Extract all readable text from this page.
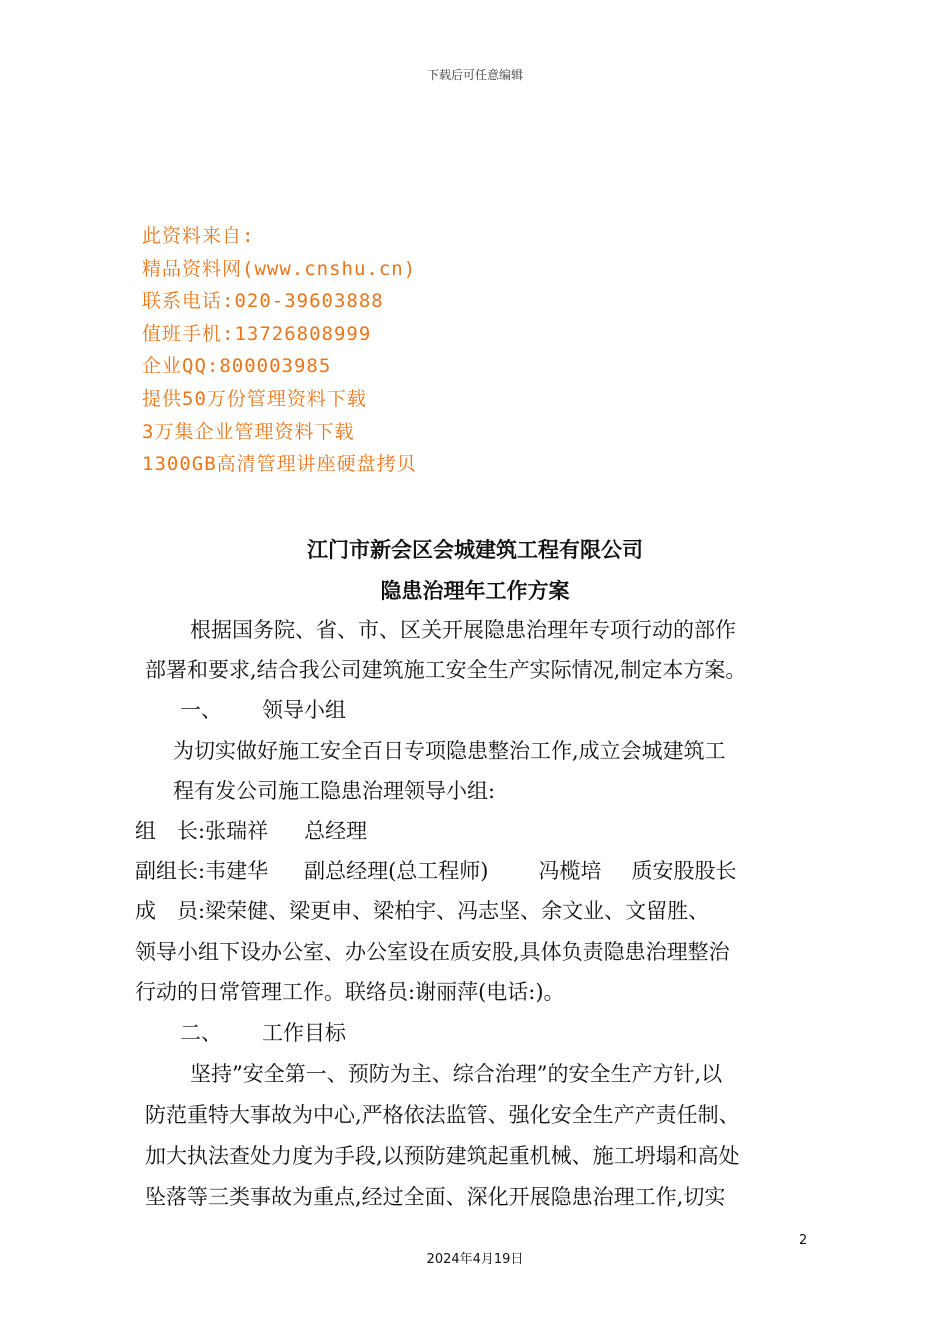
下载后可任意编辑
此资料来自:
精品资料网(www.cnshu.cn)
联系电话:020-39603888
值班手机:13726808999
企业QQ:800003985
提供50万份管理资料下载
3万集企业管理资料下载
1300GB高清管理讲座硬盘拷贝
江门市新会区会城建筑工程有限公司
隐患治理年工作方案
根据国务院、省、市、区关开展隐患治理年专项行动的部作
部署和要求,结合我公司建筑施工安全生产实际情况,制定本方案。
一、 领导小组
为切实做好施工安全百日专项隐患整治工作,成立会城建筑工
程有发公司施工隐患治理领导小组:
组　长:张瑞祥 总经理
副组长:韦建华 副总经理(总工程师) 冯榄培 质安股股长
成　员:梁荣健、梁更申、梁柏宇、冯志坚、余文业、文留胜、
领导小组下设办公室、办公室设在质安股,具体负责隐患治理整治
行动的日常管理工作。联络员:谢丽萍(电话:)。
二、 工作目标
坚持”安全第一、预防为主、综合治理”的安全生产方针,以
防范重特大事故为中心,严格依法监管、强化安全生产产责任制、
加大执法查处力度为手段,以预防建筑起重机械、施工坍塌和高处
坠落等三类事故为重点,经过全面、深化开展隐患治理工作,切实
2
2024年4月19日
